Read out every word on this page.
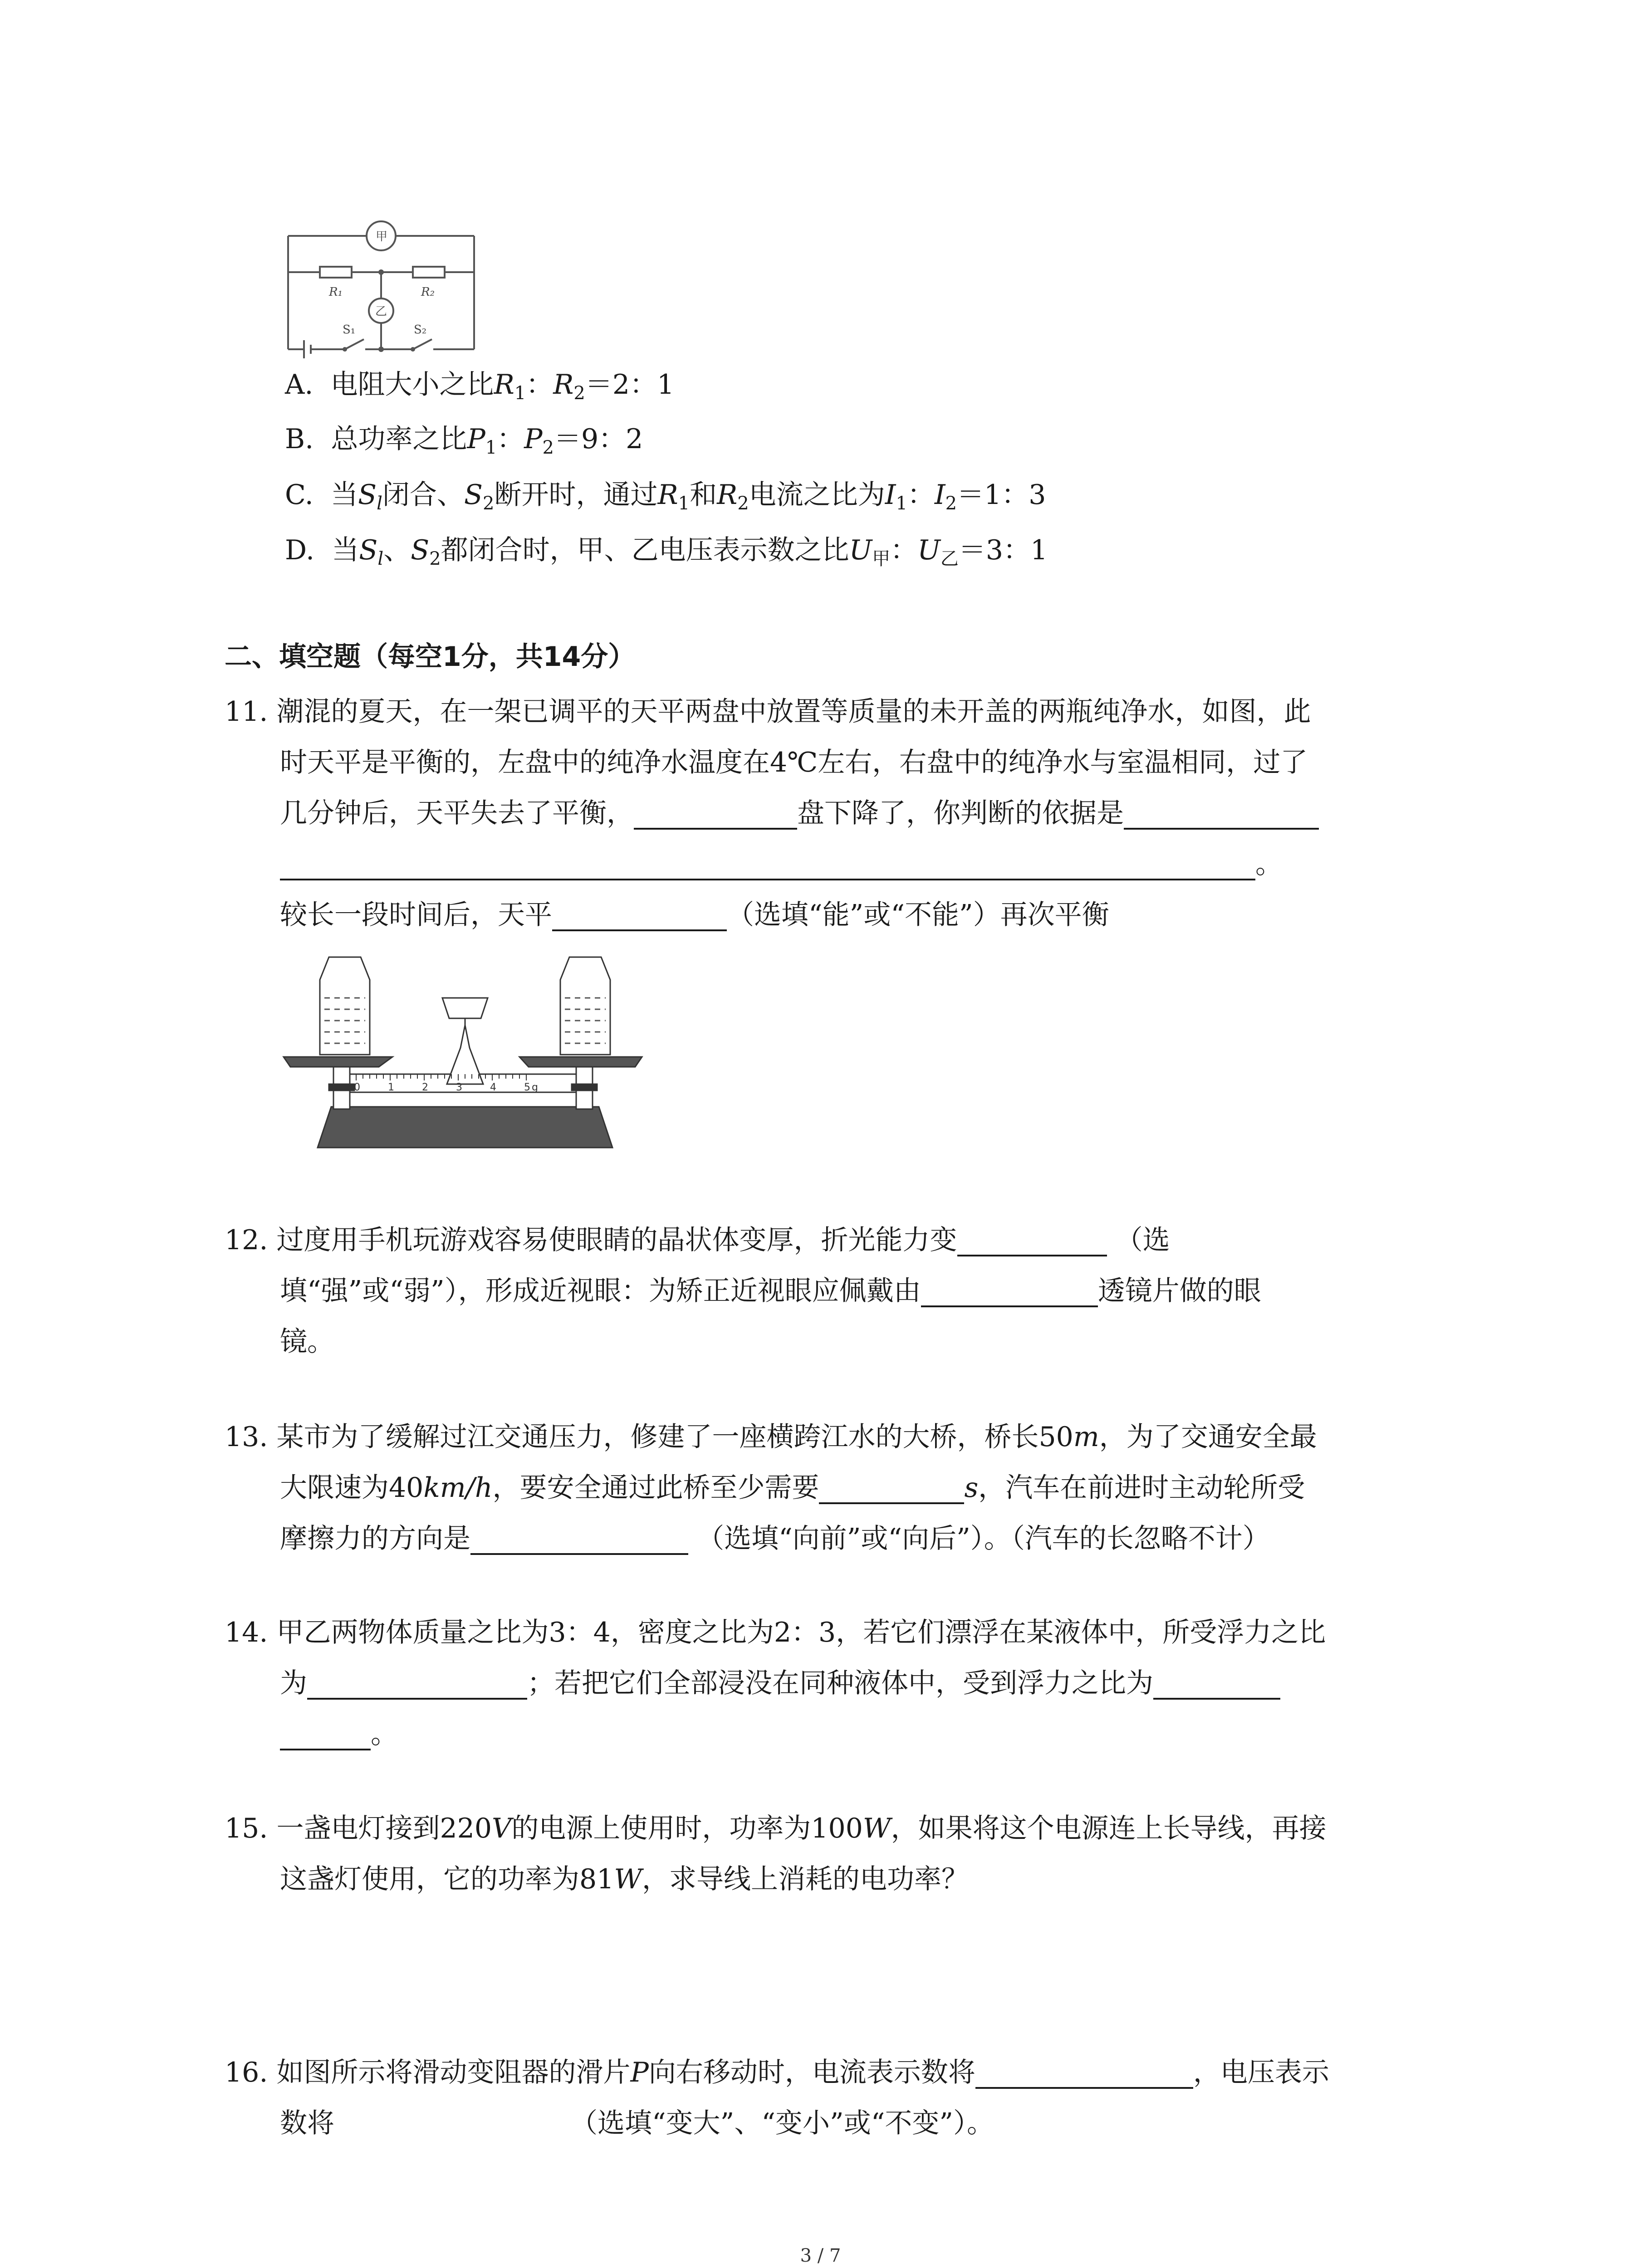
甲
乙
R₁	R₂
S₁	S₂
A. 电阻大小之比$R_1$：$R_2=2$：1
B. 总功率之比$P_1$：$P_2=9$：2
C. 当$S_l$闭合、$S_2$断开时，通过$R_1$和$R_2$电流之比为$I_1$：$I_2=1$：3
D. 当$S_l$、$S_2$都闭合时，甲、乙电压表示数之比$U_甲$：$U_乙=3$：1
二、填空题（每空1分，共14分）
11. 潮混的夏天，在一架已调平的天平两盘中放置等质量的未开盖的两瓶纯净水，如图，此
时天平是平衡的，左盘中的纯净水温度在4℃左右，右盘中的纯净水与室温相同，过了
几分钟后，天平失去了平衡，	盘下降了，你判断的依据是
。
较长一段时间后，天平	（选填“能”或“不能”）再次平衡
0	1	2	3	4	5 g
12. 过度用手机玩游戏容易使眼睛的晶状体变厚，折光能力变	（选
填“强”或“弱”），形成近视眼：为矫正近视眼应佩戴由	透镜片做的眼
镜。
13. 某市为了缓解过江交通压力，修建了一座横跨江水的大桥，桥长50m，为了交通安全最
大限速为40km/h，要安全通过此桥至少需要	s，汽车在前进时主动轮所受
摩擦力的方向是	（选填“向前”或“向后”）。（汽车的长忽略不计）
14. 甲乙两物体质量之比为3：4，密度之比为2：3，若它们漂浮在某液体中，所受浮力之比
为	；若把它们全部浸没在同种液体中，受到浮力之比为
。
15. 一盏电灯接到220V的电源上使用时，功率为100W，如果将这个电源连上长导线，再接
这盏灯使用，它的功率为81W，求导线上消耗的电功率？
16. 如图所示将滑动变阻器的滑片P向右移动时，电流表示数将	，电压表示
数将	（选填“变大”、“变小”或“不变”）。
3 / 7
